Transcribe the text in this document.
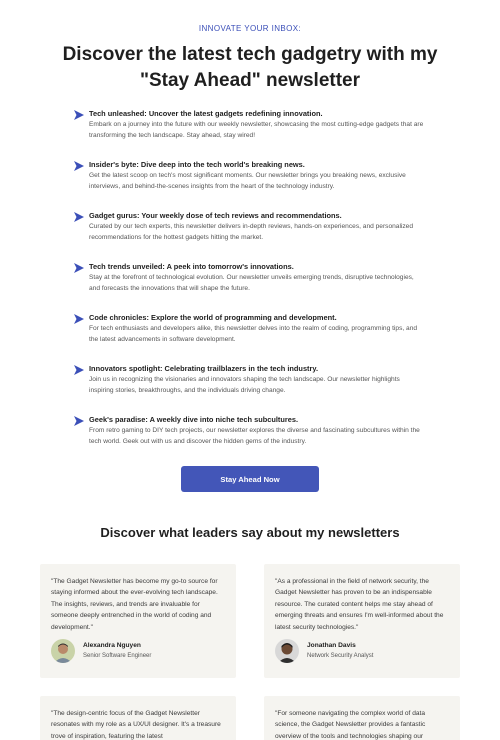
INNOVATE YOUR INBOX:
Discover the latest tech gadgetry with my "Stay Ahead" newsletter
Tech unleashed: Uncover the latest gadgets redefining innovation.
Embark on a journey into the future with our weekly newsletter, showcasing the most cutting-edge gadgets that are transforming the tech landscape. Stay ahead, stay wired!
Insider's byte: Dive deep into the tech world's breaking news.
Get the latest scoop on tech's most significant moments. Our newsletter brings you breaking news, exclusive interviews, and behind-the-scenes insights from the heart of the technology industry.
Gadget gurus: Your weekly dose of tech reviews and recommendations.
Curated by our tech experts, this newsletter delivers in-depth reviews, hands-on experiences, and personalized recommendations for the hottest gadgets hitting the market.
Tech trends unveiled: A peek into tomorrow's innovations.
Stay at the forefront of technological evolution. Our newsletter unveils emerging trends, disruptive technologies, and forecasts the innovations that will shape the future.
Code chronicles: Explore the world of programming and development.
For tech enthusiasts and developers alike, this newsletter delves into the realm of coding, programming tips, and the latest advancements in software development.
Innovators spotlight: Celebrating trailblazers in the tech industry.
Join us in recognizing the visionaries and innovators shaping the tech landscape. Our newsletter highlights inspiring stories, breakthroughs, and the individuals driving change.
Geek's paradise: A weekly dive into niche tech subcultures.
From retro gaming to DIY tech projects, our newsletter explores the diverse and fascinating subcultures within the tech world. Geek out with us and discover the hidden gems of the industry.
Stay Ahead Now
Discover what leaders say about my newsletters

"The Gadget Newsletter has become my go-to source for staying informed about the ever-evolving tech landscape. The insights, reviews, and trends are invaluable for someone deeply entrenched in the world of coding and development."

Alexandra Nguyen
Senior Software Engineer

"As a professional in the field of network security, the Gadget Newsletter has proven to be an indispensable resource. The curated content helps me stay ahead of emerging threats and ensures I'm well-informed about the latest security technologies."

Jonathan Davis
Network Security Analyst

"The design-centric focus of the Gadget Newsletter resonates with my role as a UX/UI designer. It's a treasure trove of inspiration, featuring the latest

"For someone navigating the complex world of data science, the Gadget Newsletter provides a fantastic overview of the tools and technologies shaping our
